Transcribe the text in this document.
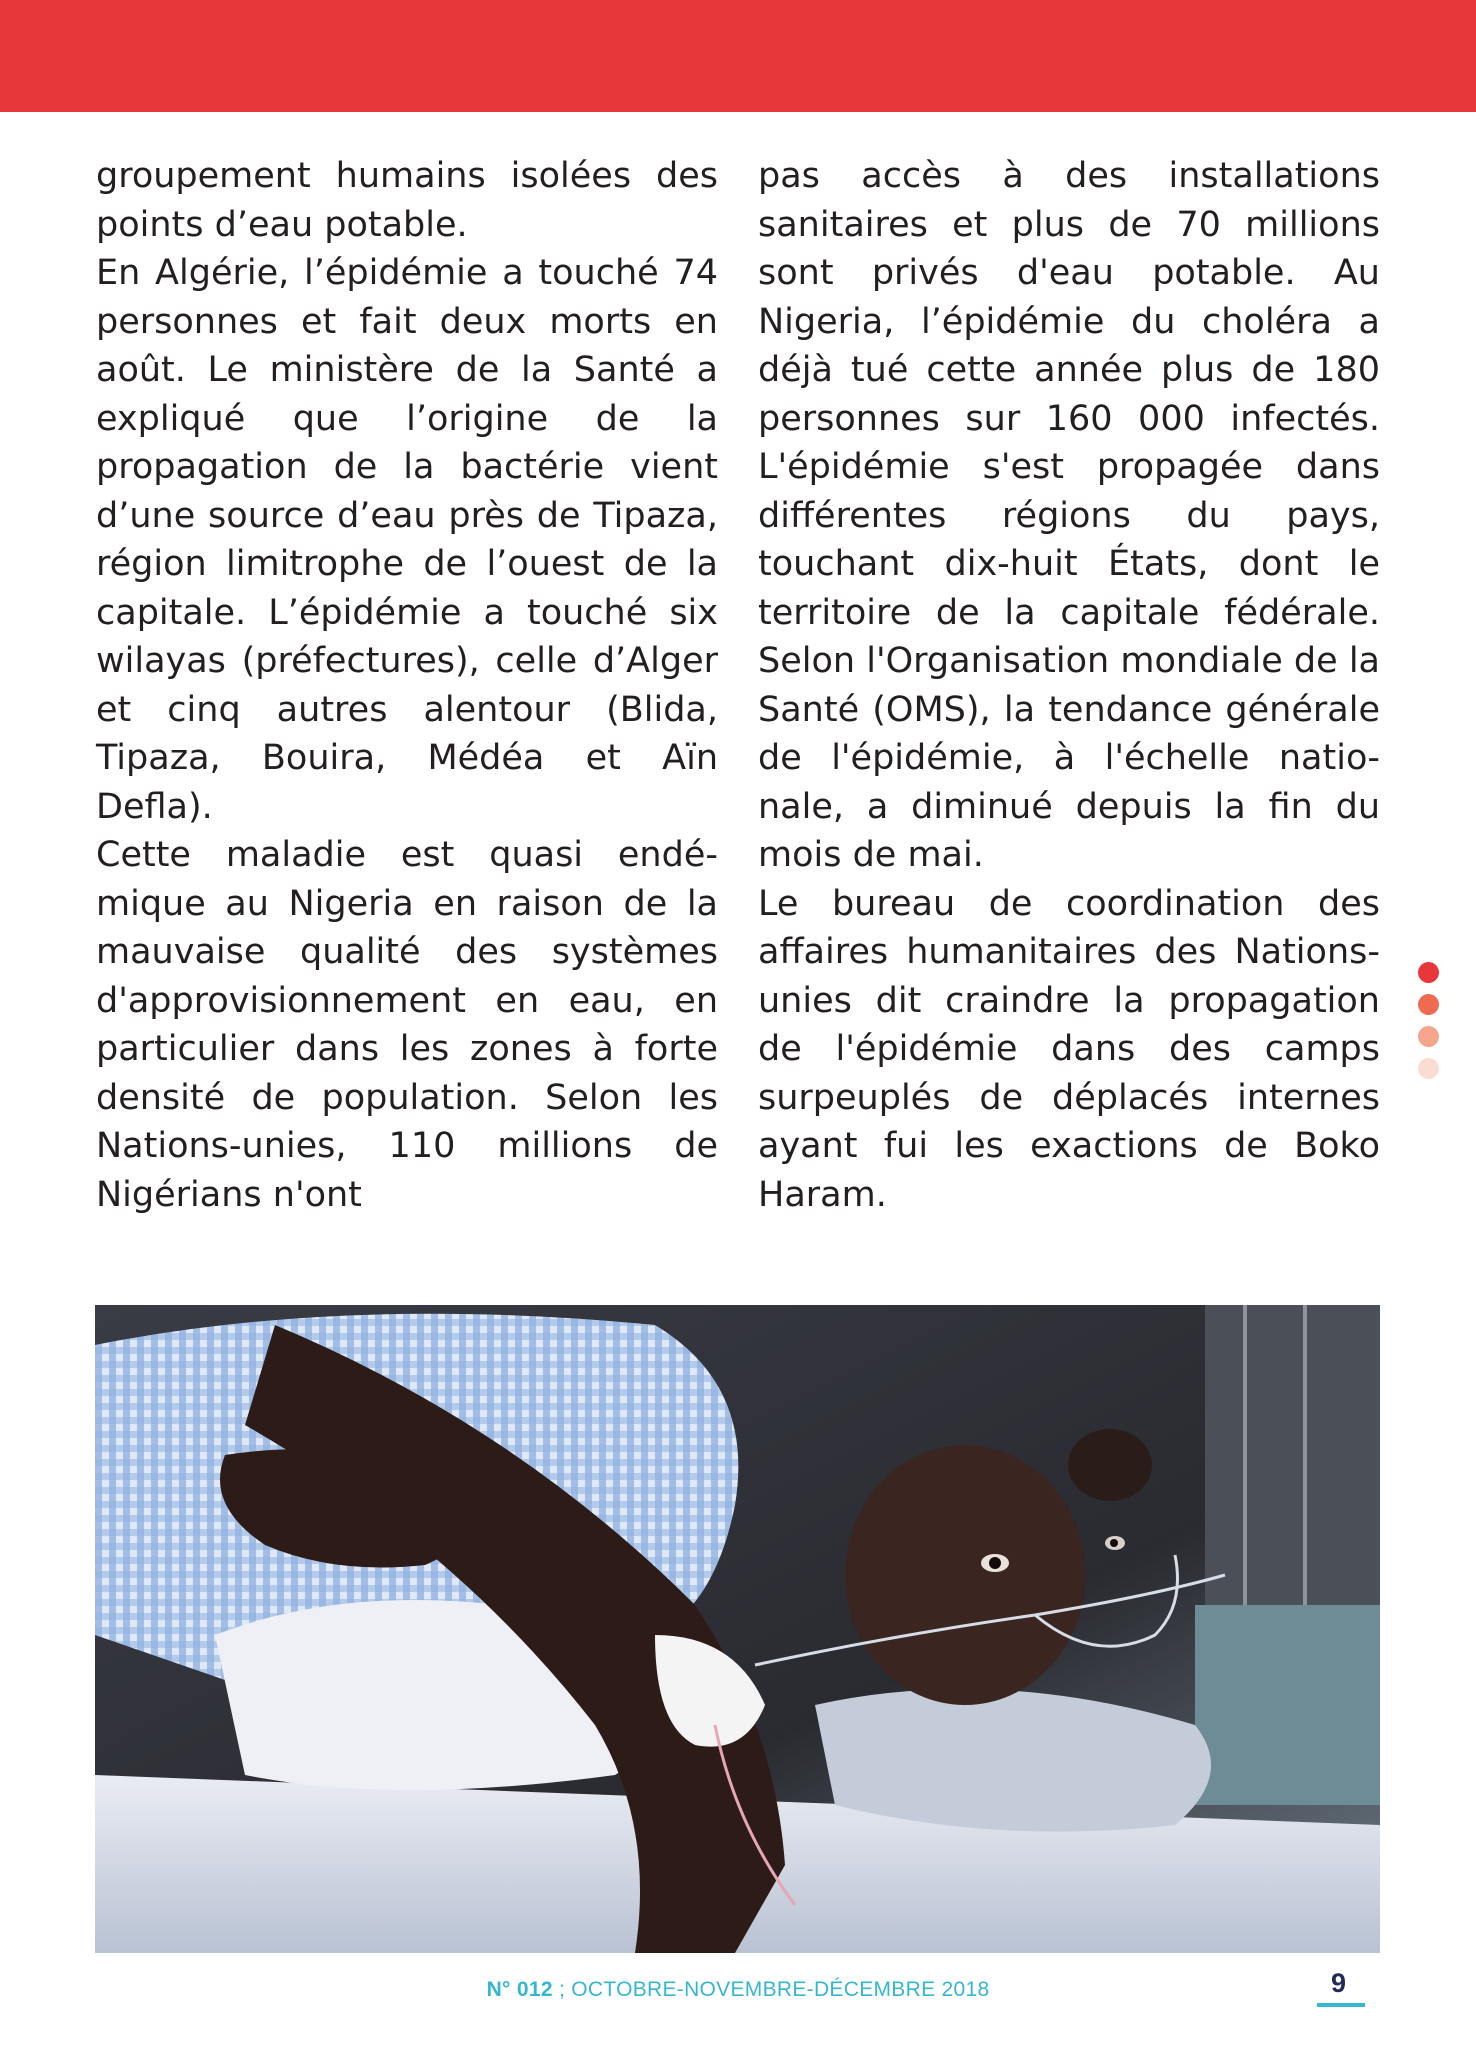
groupement humains isolées des points d’eau potable.

En Algérie, l’épidémie a touché 74 personnes et fait deux morts en août. Le ministère de la Santé a expliqué que l’origine de la propagation de la bactérie vient d’une source d’eau près de Tipaza, région limitrophe de l’ouest de la capitale. L’épidémie a touché six wilayas (préfectures), celle d’Alger et cinq autres alentour (Blida, Tipaza, Bouira, Médéa et Aïn Defla).

Cette maladie est quasi endémique au Nigeria en raison de la mauvaise qualité des systèmes d'approvisionnement en eau, en particulier dans les zones à forte densité de population. Selon les Nations-unies, 110 millions de Nigérians n'ont

pas accès à des installations sanitaires et plus de 70 millions sont privés d'eau potable. Au Nigeria, l’épidémie du choléra a déjà tué cette année plus de 180 personnes sur 160 000 infectés. L'épidémie s'est propagée dans différentes régions du pays, touchant dix-huit États, dont le territoire de la capitale fédérale. Selon l'Organisation mondiale de la Santé (OMS), la tendance générale de l'épidémie, à l'échelle nationale, a diminué depuis la fin du mois de mai.

Le bureau de coordination des affaires humanitaires des Nations-unies dit craindre la propagation de l'épidémie dans des camps surpeuplés de déplacés internes ayant fui les exactions de Boko Haram.

N° 012 ; OCTOBRE-NOVEMBRE-DÉCEMBRE 2018	9
